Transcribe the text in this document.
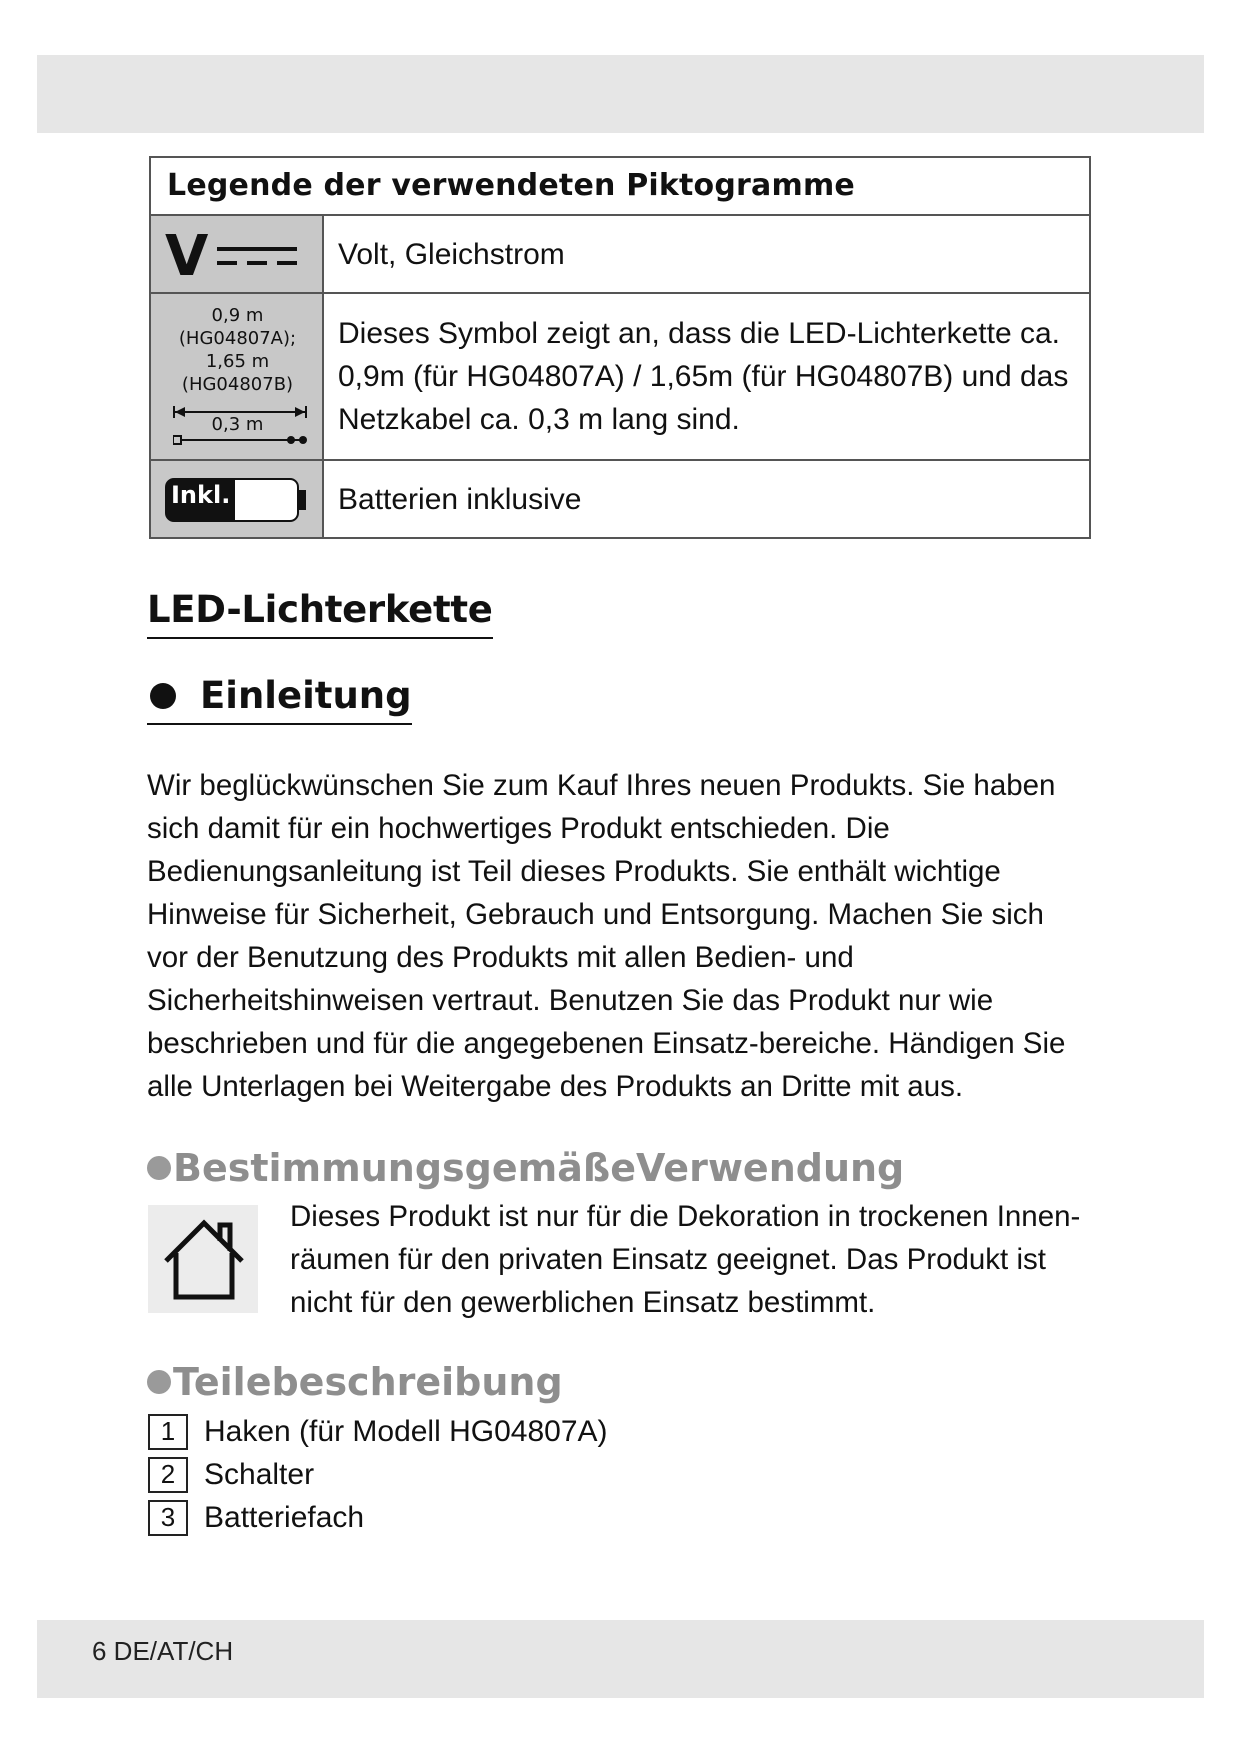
Legende der verwendeten Piktogramme
V	Volt, Gleichstrom
0,9 m
(HG04807A);
1,65 m
(HG04807B)
0,3 m
Dieses Symbol zeigt an, dass die LED-Lichterkette ca. 0,9m (für HG04807A) / 1,65m (für HG04807B) und das Netzkabel ca. 0,3 m lang sind.
Inkl.	Batterien inklusive
LED-Lichterkette
Einleitung
Wir beglückwünschen Sie zum Kauf Ihres neuen Produkts. Sie haben sich damit für ein hochwertiges Produkt entschieden. Die Bedienungsanleitung ist Teil dieses Produkts. Sie enthält wichtige Hinweise für Sicherheit, Gebrauch und Entsorgung. Machen Sie sich vor der Benutzung des Produkts mit allen Bedien- und Sicherheitshinweisen vertraut. Benutzen Sie das Produkt nur wie beschrieben und für die angegebenen Einsatz-bereiche. Händigen Sie alle Unterlagen bei Weitergabe des Produkts an Dritte mit aus.
BestimmungsgemäßeVerwendung
Dieses Produkt ist nur für die Dekoration in trockenen Innen-räumen für den privaten Einsatz geeignet. Das Produkt ist nicht für den gewerblichen Einsatz bestimmt.
Teilebeschreibung
1 Haken (für Modell HG04807A)
2 Schalter
3 Batteriefach
6 DE/AT/CH
